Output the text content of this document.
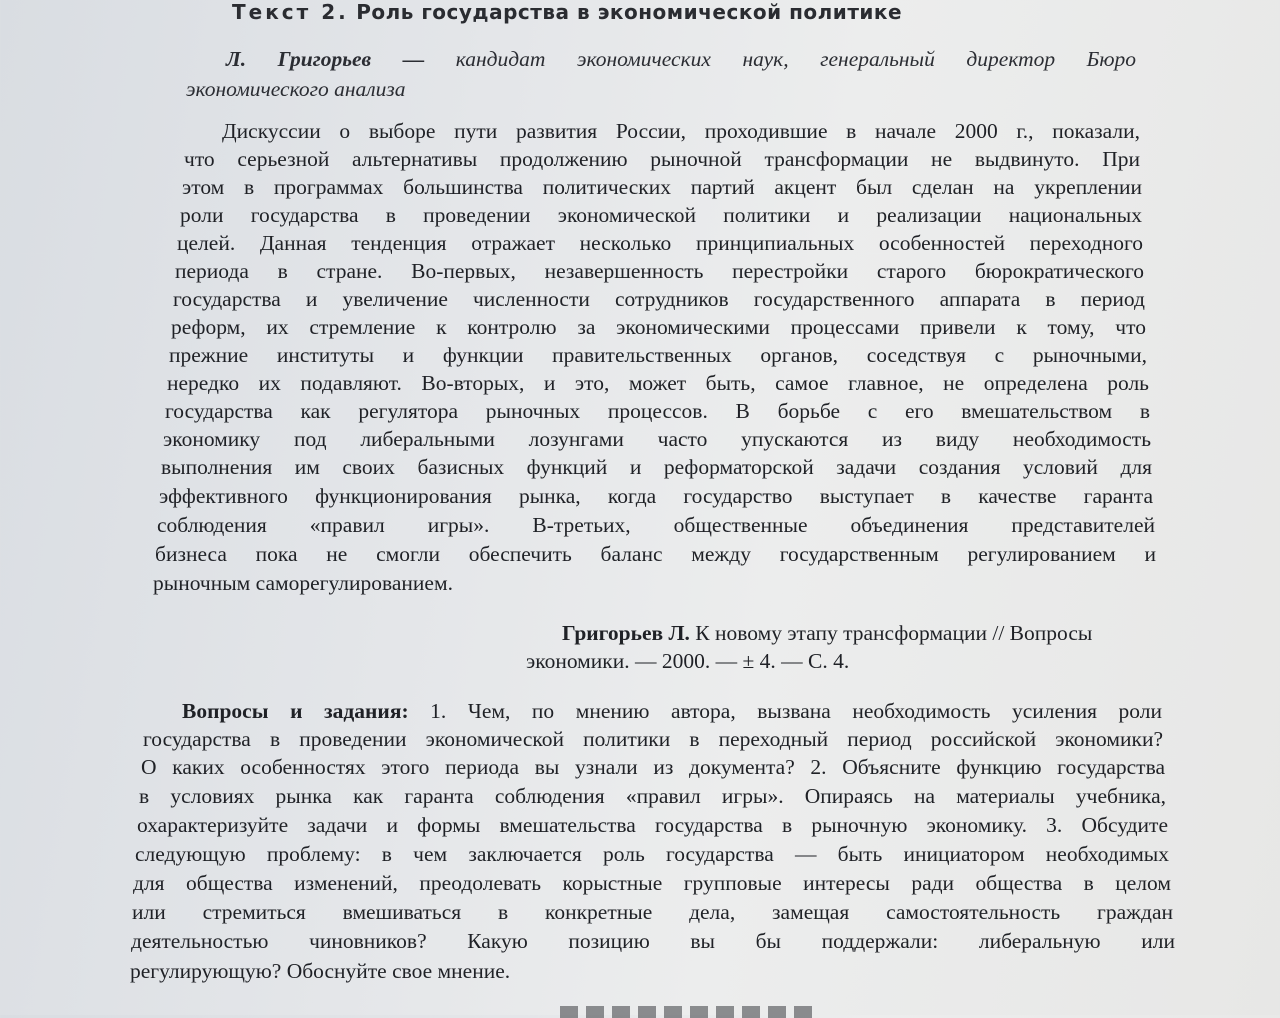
Текст 2. Роль государства в экономической политике
Л. Григорьев — кандидат экономических наук, генеральный директор Бюро
экономического анализа
Дискуссии о выборе пути развития России, проходившие в начале 2000 г., показали,
что серьезной альтернативы продолжению рыночной трансформации не выдвинуто. При
этом в программах большинства политических партий акцент был сделан на укреплении
роли государства в проведении экономической политики и реализации национальных
целей. Данная тенденция отражает несколько принципиальных особенностей переходного
периода в стране. Во-первых, незавершенность перестройки старого бюрократического
государства и увеличение численности сотрудников государственного аппарата в период
реформ, их стремление к контролю за экономическими процессами привели к тому, что
прежние институты и функции правительственных органов, соседствуя с рыночными,
нередко их подавляют. Во-вторых, и это, может быть, самое главное, не определена роль
государства как регулятора рыночных процессов. В борьбе с его вмешательством в
экономику под либеральными лозунгами часто упускаются из виду необходимость
выполнения им своих базисных функций и реформаторской задачи создания условий для
эффективного функционирования рынка, когда государство выступает в качестве гаранта
соблюдения «правил игры». В-третьих, общественные объединения представителей
бизнеса пока не смогли обеспечить баланс между государственным регулированием и
рыночным саморегулированием.
Григорьев Л. К новому этапу трансформации // Вопросы
экономики. — 2000. — ± 4. — С. 4.
Вопросы и задания: 1. Чем, по мнению автора, вызвана необходимость усиления роли
государства в проведении экономической политики в переходный период российской экономики?
О каких особенностях этого периода вы узнали из документа? 2. Объясните функцию государства
в условиях рынка как гаранта соблюдения «правил игры». Опираясь на материалы учебника,
охарактеризуйте задачи и формы вмешательства государства в рыночную экономику. 3. Обсудите
следующую проблему: в чем заключается роль государства — быть инициатором необходимых
для общества изменений, преодолевать корыстные групповые интересы ради общества в целом
или стремиться вмешиваться в конкретные дела, замещая самостоятельность граждан
деятельностью чиновников? Какую позицию вы бы поддержали: либеральную или
регулирующую? Обоснуйте свое мнение.
